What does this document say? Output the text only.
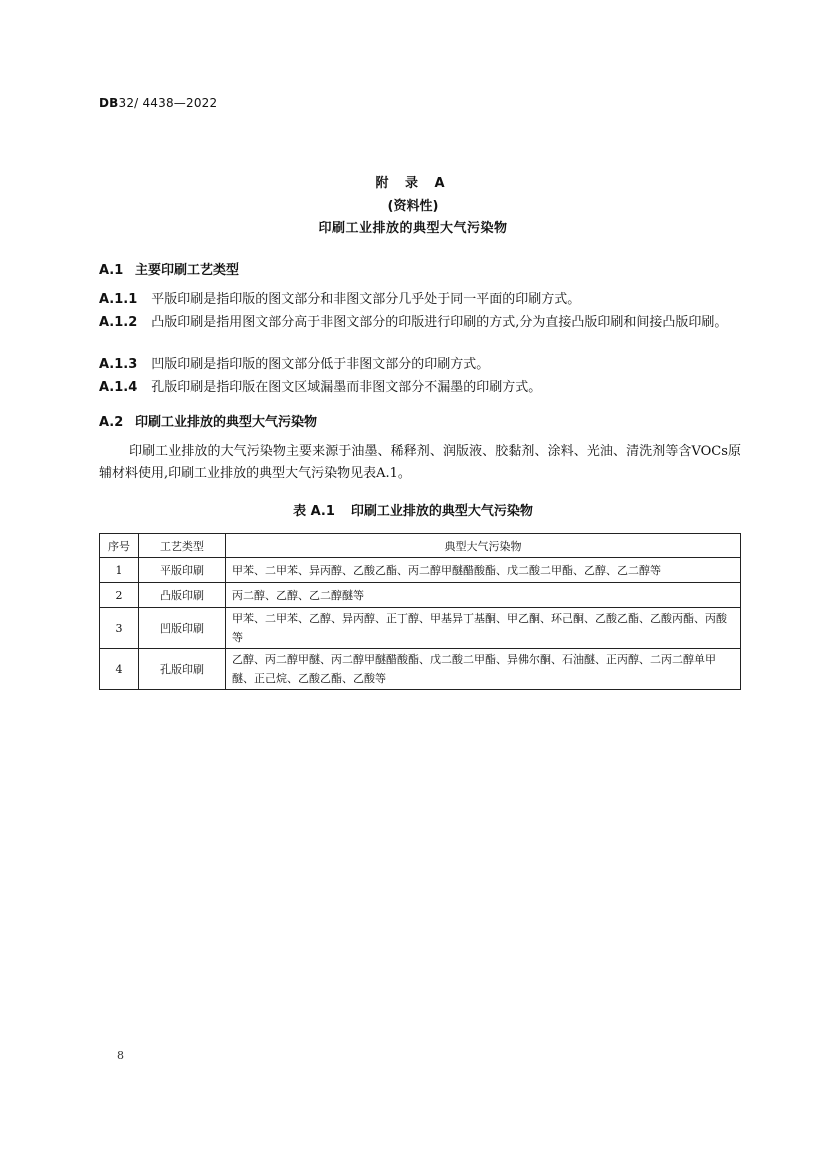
DB32/ 4438—2022
附 录 A
(资料性)
印刷工业排放的典型大气污染物
A.1 主要印刷工艺类型
A.1.1 平版印刷是指印版的图文部分和非图文部分几乎处于同一平面的印刷方式。
A.1.2 凸版印刷是指用图文部分高于非图文部分的印版进行印刷的方式,分为直接凸版印刷和间接凸版印刷。
A.1.3 凹版印刷是指印版的图文部分低于非图文部分的印刷方式。
A.1.4 孔版印刷是指印版在图文区域漏墨而非图文部分不漏墨的印刷方式。
A.2 印刷工业排放的典型大气污染物
印刷工业排放的大气污染物主要来源于油墨、稀释剂、润版液、胶黏剂、涂料、光油、清洗剂等含VOCs原辅材料使用,印刷工业排放的典型大气污染物见表A.1。
表 A.1 印刷工业排放的典型大气污染物
序号	工艺类型	典型大气污染物
1	平版印刷	甲苯、二甲苯、异丙醇、乙酸乙酯、丙二醇甲醚醋酸酯、戊二酸二甲酯、乙醇、乙二醇等
2	凸版印刷	丙二醇、乙醇、乙二醇醚等
3	凹版印刷	甲苯、二甲苯、乙醇、异丙醇、正丁醇、甲基异丁基酮、甲乙酮、环己酮、乙酸乙酯、乙酸丙酯、丙酸等
4	孔版印刷	乙醇、丙二醇甲醚、丙二醇甲醚醋酸酯、戊二酸二甲酯、异佛尔酮、石油醚、正丙醇、二丙二醇单甲醚、正己烷、乙酸乙酯、乙酸等
8
